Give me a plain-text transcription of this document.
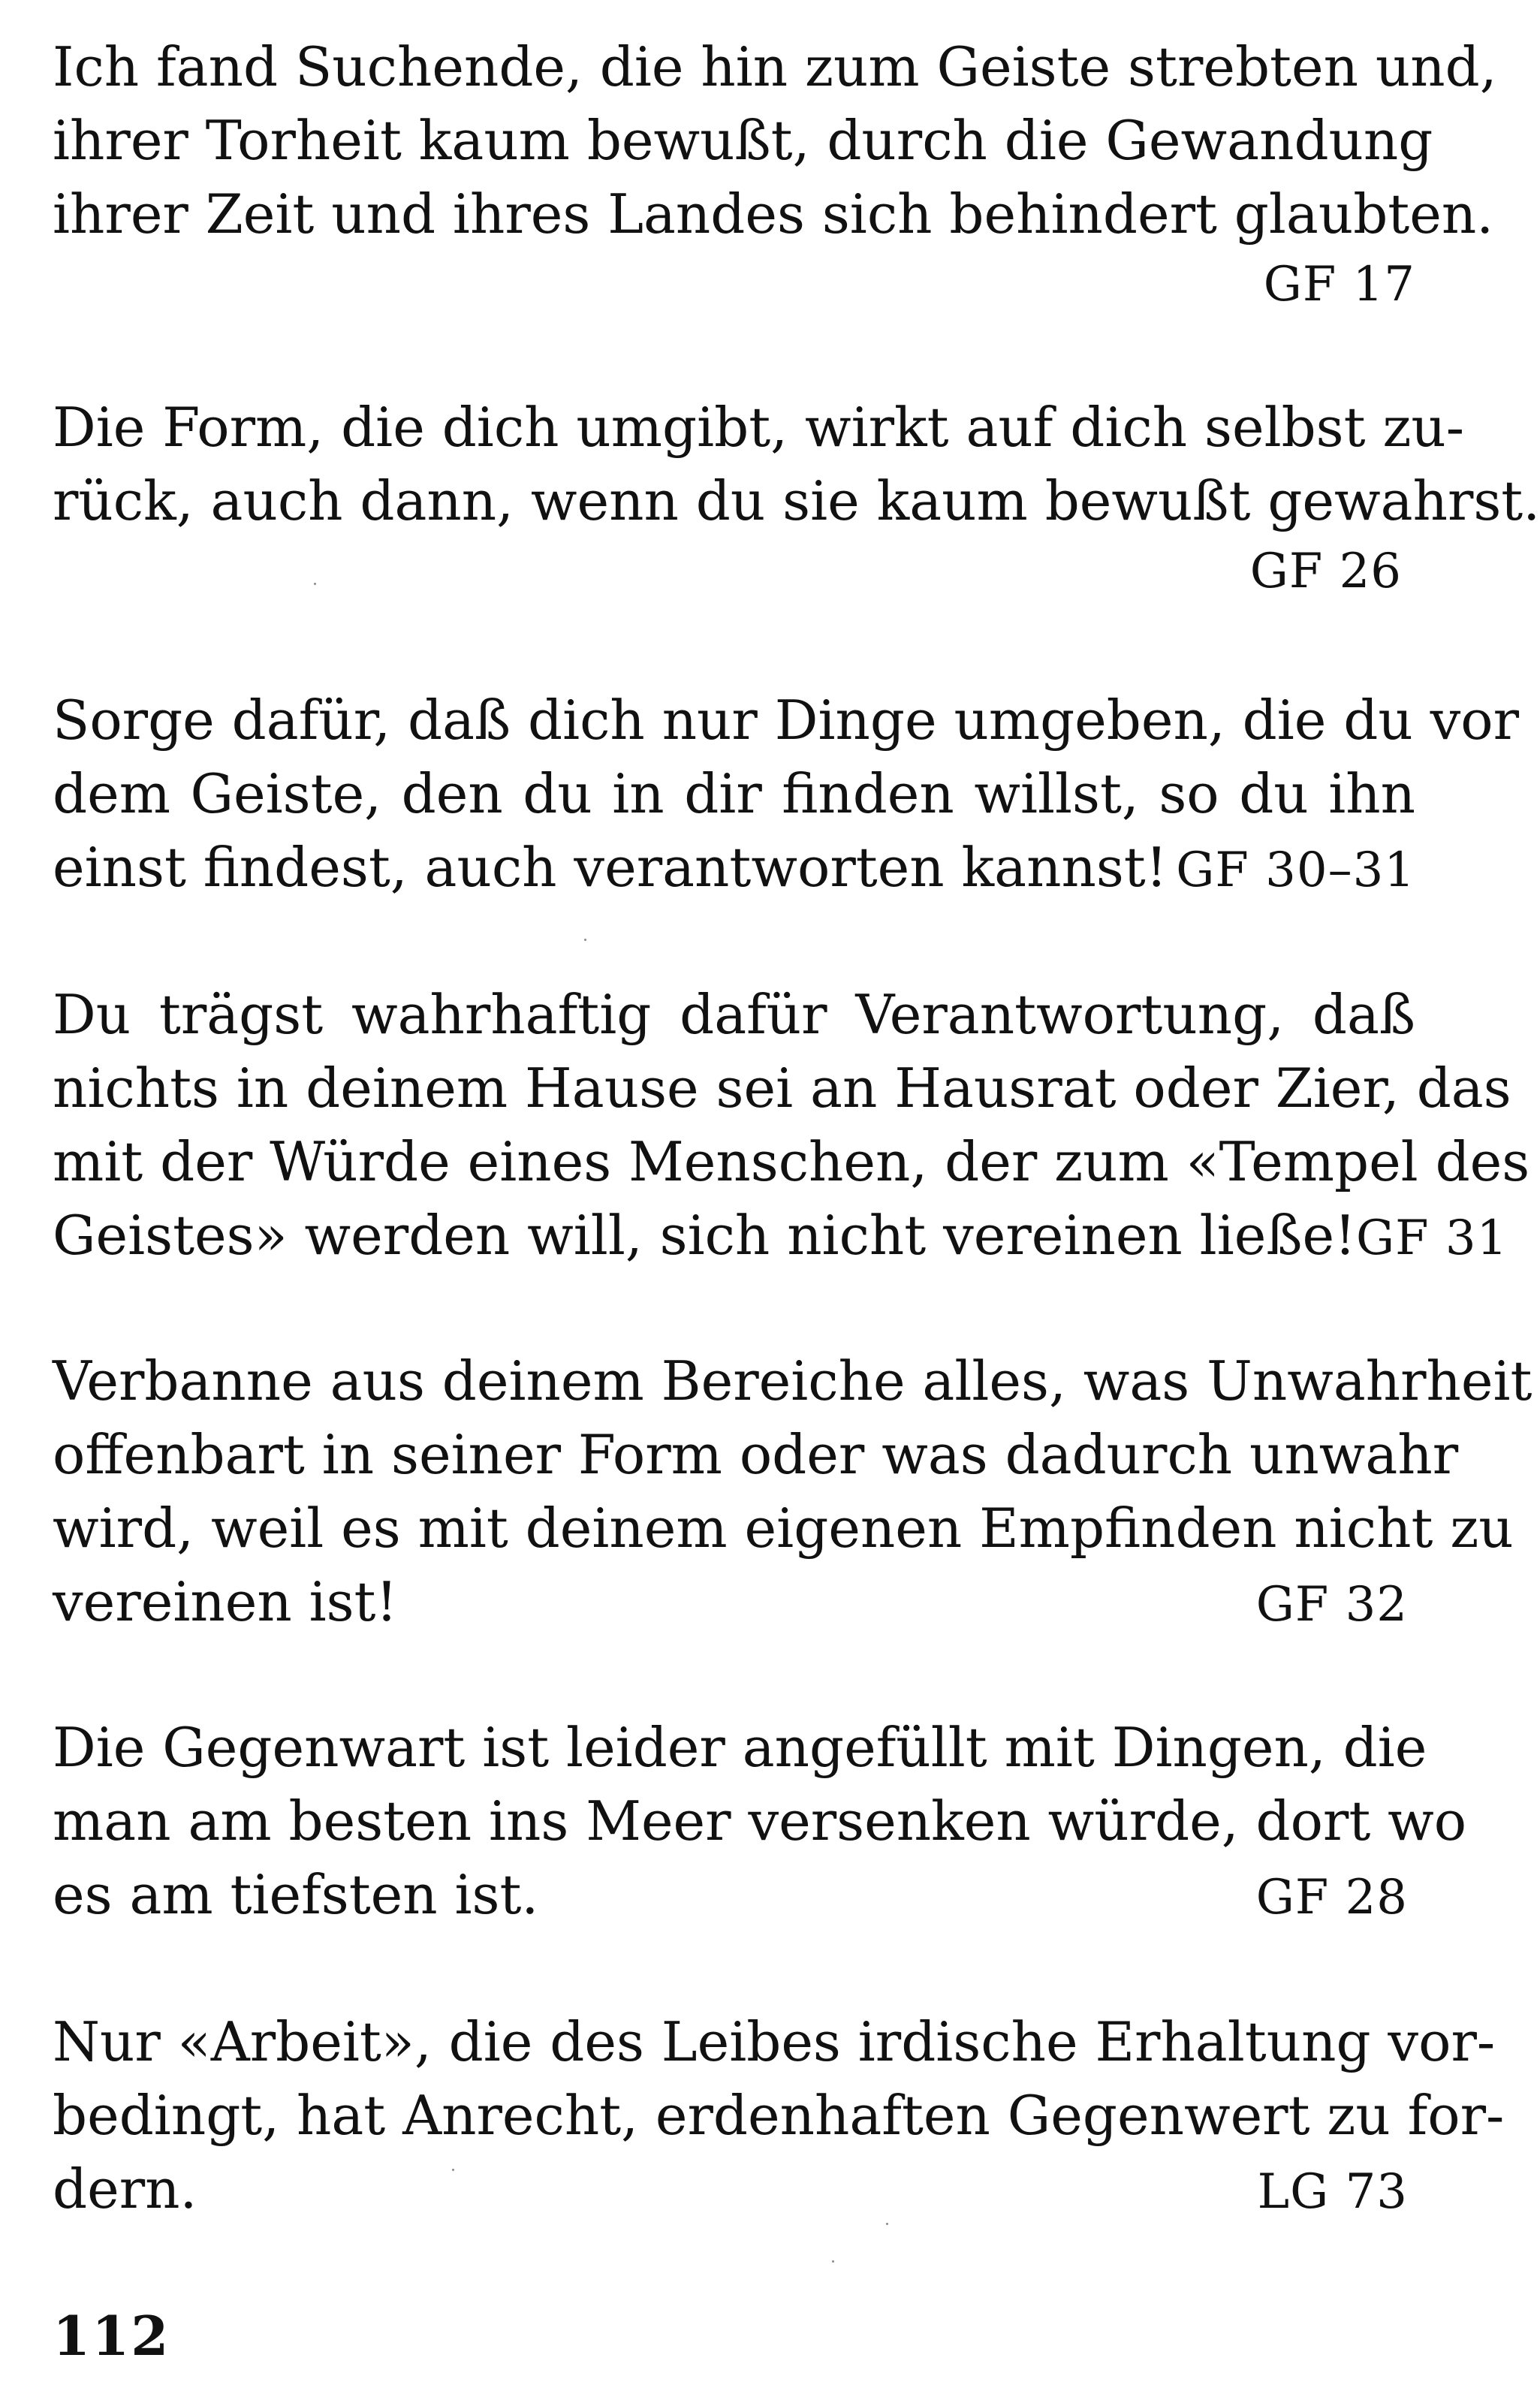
Ich fand Suchende, die hin zum Geiste strebten und,
ihrer Torheit kaum bewußt, durch die Gewandung
ihrer Zeit und ihres Landes sich behindert glaubten.
GF 17
Die Form, die dich umgibt, wirkt auf dich selbst zu-
rück, auch dann, wenn du sie kaum bewußt gewahrst.
GF 26
Sorge dafür, daß dich nur Dinge umgeben, die du vor
dem Geiste, den du in dir finden willst, so du ihn
einst findest, auch verantworten kannst! GF 30–31
Du trägst wahrhaftig dafür Verantwortung, daß
nichts in deinem Hause sei an Hausrat oder Zier, das
mit der Würde eines Menschen, der zum «Tempel des
Geistes» werden will, sich nicht vereinen ließe! GF 31
Verbanne aus deinem Bereiche alles, was Unwahrheit
offenbart in seiner Form oder was dadurch unwahr
wird, weil es mit deinem eigenen Empfinden nicht zu
vereinen ist!	GF 32
Die Gegenwart ist leider angefüllt mit Dingen, die
man am besten ins Meer versenken würde, dort wo
es am tiefsten ist.	GF 28
Nur «Arbeit», die des Leibes irdische Erhaltung vor-
bedingt, hat Anrecht, erdenhaften Gegenwert zu for-
dern.	LG 73
112
